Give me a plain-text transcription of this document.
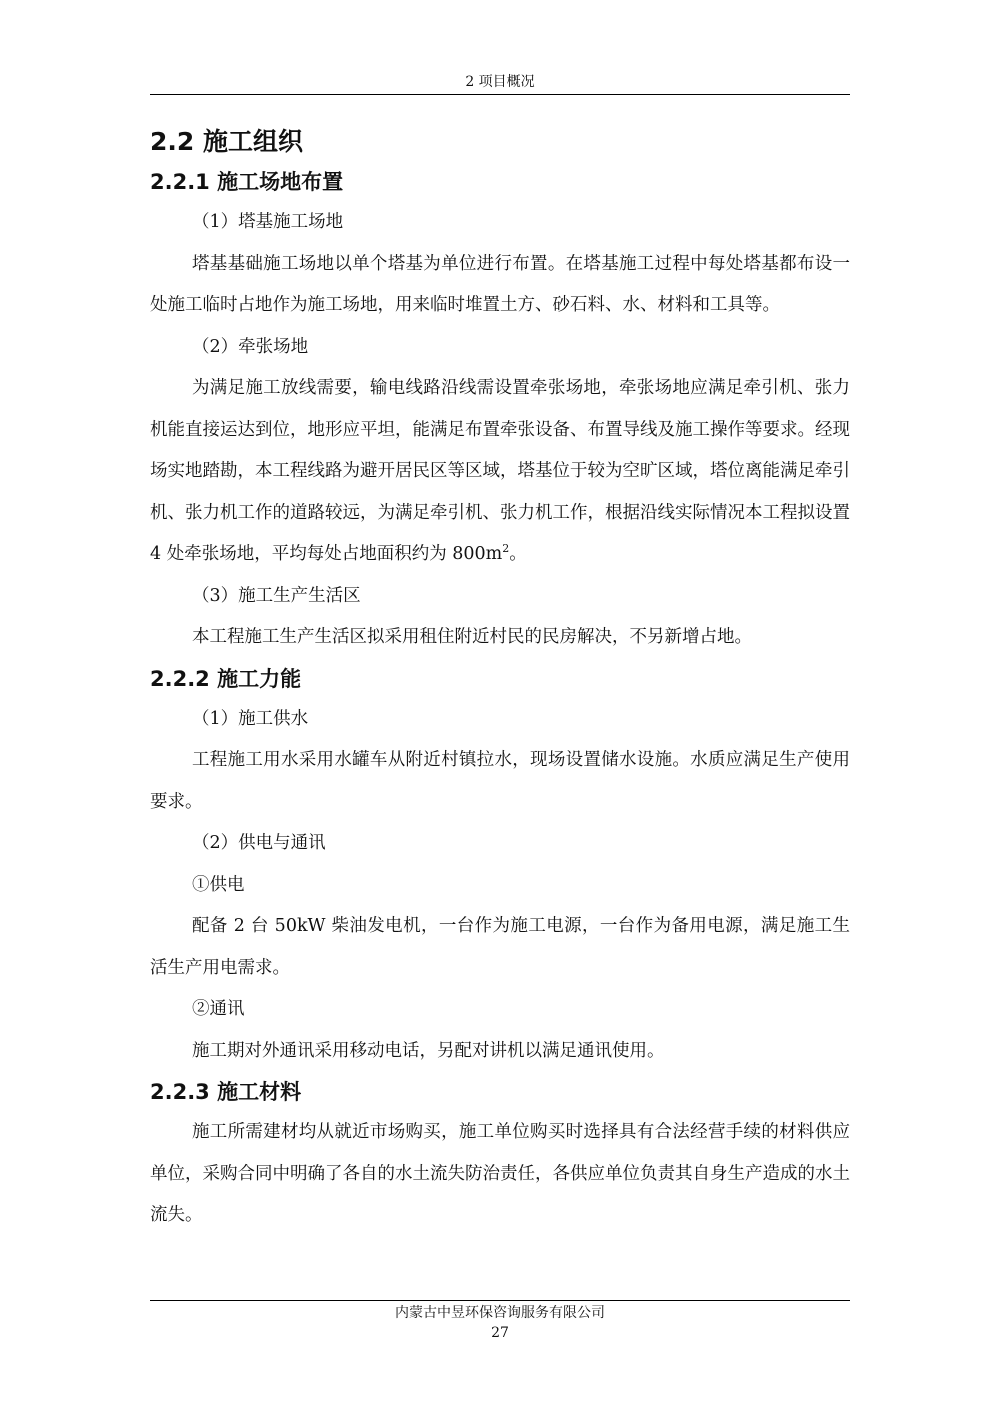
2 项目概况
2.2 施工组织
2.2.1 施工场地布置

（1）塔基施工场地

塔基基础施工场地以单个塔基为单位进行布置。在塔基施工过程中每处塔基都布设一处施工临时占地作为施工场地，用来临时堆置土方、砂石料、水、材料和工具等。

（2）牵张场地

为满足施工放线需要，输电线路沿线需设置牵张场地，牵张场地应满足牵引机、张力机能直接运达到位，地形应平坦，能满足布置牵张设备、布置导线及施工操作等要求。经现场实地踏勘，本工程线路为避开居民区等区域，塔基位于较为空旷区域，塔位离能满足牵引机、张力机工作的道路较远，为满足牵引机、张力机工作，根据沿线实际情况本工程拟设置 4 处牵张场地，平均每处占地面积约为 $800m^2$。

（3）施工生产生活区

本工程施工生产生活区拟采用租住附近村民的民房解决，不另新增占地。

2.2.2 施工力能

（1）施工供水

工程施工用水采用水罐车从附近村镇拉水，现场设置储水设施。水质应满足生产使用要求。

（2）供电与通讯

①供电

配备 2 台 50kW 柴油发电机，一台作为施工电源，一台作为备用电源，满足施工生活生产用电需求。

②通讯

施工期对外通讯采用移动电话，另配对讲机以满足通讯使用。

2.2.3 施工材料

施工所需建材均从就近市场购买，施工单位购买时选择具有合法经营手续的材料供应单位，采购合同中明确了各自的水土流失防治责任，各供应单位负责其自身生产造成的水土流失。

内蒙古中昱环保咨询服务有限公司
27
